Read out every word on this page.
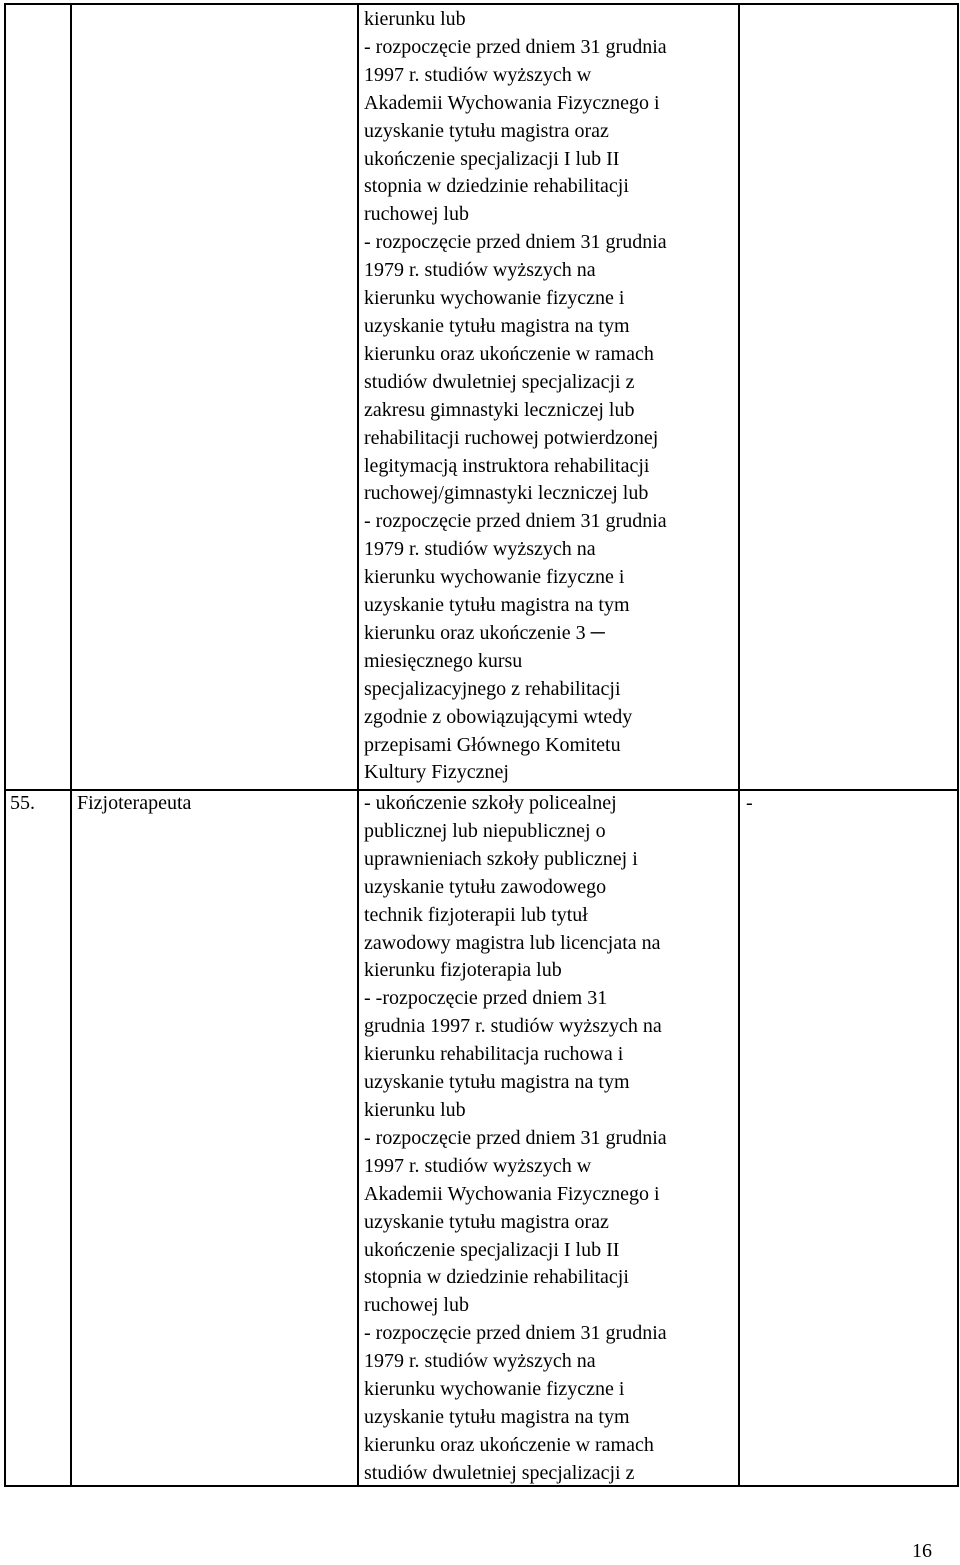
kierunku lub
- rozpoczęcie przed dniem 31 grudnia
1997 r. studiów wyższych w
Akademii Wychowania Fizycznego i
uzyskanie tytułu magistra oraz
ukończenie specjalizacji I lub II
stopnia w dziedzinie rehabilitacji
ruchowej lub
- rozpoczęcie przed dniem 31 grudnia
1979 r. studiów wyższych na
kierunku wychowanie fizyczne i
uzyskanie tytułu magistra na tym
kierunku oraz ukończenie w ramach
studiów dwuletniej specjalizacji z
zakresu gimnastyki leczniczej lub
rehabilitacji ruchowej potwierdzonej
legitymacją instruktora rehabilitacji
ruchowej/gimnastyki leczniczej lub
- rozpoczęcie przed dniem 31 grudnia
1979 r. studiów wyższych na
kierunku wychowanie fizyczne i
uzyskanie tytułu magistra na tym
kierunku oraz ukończenie 3 ─
miesięcznego kursu
specjalizacyjnego z rehabilitacji
zgodnie z obowiązującymi wtedy
przepisami Głównego Komitetu
Kultury Fizycznej
55. Fizjoterapeuta	- ukończenie szkoły policealnej
publicznej lub niepublicznej o
uprawnieniach szkoły publicznej i
uzyskanie tytułu zawodowego
technik fizjoterapii lub tytuł
zawodowy magistra lub licencjata na
kierunku fizjoterapia lub
- -rozpoczęcie przed dniem 31
grudnia 1997 r. studiów wyższych na
kierunku rehabilitacja ruchowa i
uzyskanie tytułu magistra na tym
kierunku lub
- rozpoczęcie przed dniem 31 grudnia
1997 r. studiów wyższych w
Akademii Wychowania Fizycznego i
uzyskanie tytułu magistra oraz
ukończenie specjalizacji I lub II
stopnia w dziedzinie rehabilitacji
ruchowej lub
- rozpoczęcie przed dniem 31 grudnia
1979 r. studiów wyższych na
kierunku wychowanie fizyczne i
uzyskanie tytułu magistra na tym
kierunku oraz ukończenie w ramach
studiów dwuletniej specjalizacji z
-
16
